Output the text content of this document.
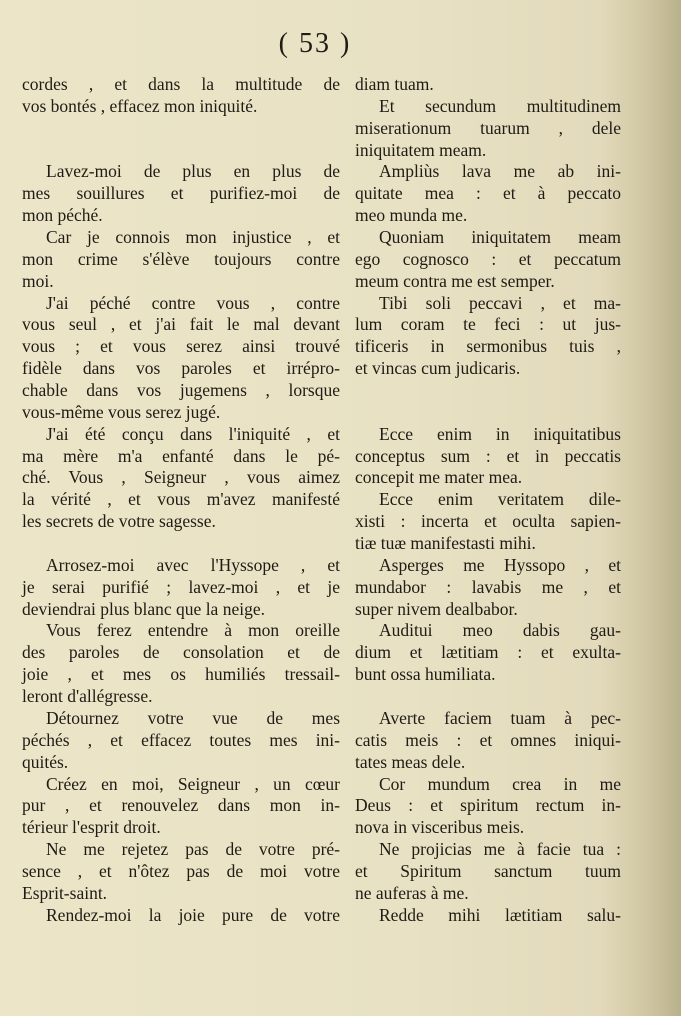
( 53 )
cordes , et dans la multitude de
vos bontés , effacez mon iniquité.
Lavez-moi de plus en plus de
mes souillures et purifiez-moi de
mon péché.
Car je connois mon injustice , et
mon crime s'élève toujours contre
moi.
J'ai péché contre vous , contre
vous seul , et j'ai fait le mal devant
vous ; et vous serez ainsi trouvé
fidèle dans vos paroles et irrépro-
chable dans vos jugemens , lorsque
vous-même vous serez jugé.
J'ai été conçu dans l'iniquité , et
ma mère m'a enfanté dans le pé-
ché. Vous , Seigneur , vous aimez
la vérité , et vous m'avez manifesté
les secrets de votre sagesse.
Arrosez-moi avec l'Hyssope , et
je serai purifié ; lavez-moi , et je
deviendrai plus blanc que la neige.
Vous ferez entendre à mon oreille
des paroles de consolation et de
joie , et mes os humiliés tressail-
leront d'allégresse.
Détournez votre vue de mes
péchés , et effacez toutes mes ini-
quités.
Créez en moi, Seigneur , un cœur
pur , et renouvelez dans mon in-
térieur l'esprit droit.
Ne me rejetez pas de votre pré-
sence , et n'ôtez pas de moi votre
Esprit-saint.
Rendez-moi la joie pure de votre
diam tuam.
Et secundum multitudinem
miserationum tuarum , dele
iniquitatem meam.
Ampliùs lava me ab ini-
quitate mea : et à peccato
meo munda me.
Quoniam iniquitatem meam
ego cognosco : et peccatum
meum contra me est semper.
Tibi soli peccavi , et ma-
lum coram te feci : ut jus-
tificeris in sermonibus tuis ,
et vincas cum judicaris.
Ecce enim in iniquitatibus
conceptus sum : et in peccatis
concepit me mater mea.
Ecce enim veritatem dile-
xisti : incerta et oculta sapien-
tiæ tuæ manifestasti mihi.
Asperges me Hyssopo , et
mundabor : lavabis me , et
super nivem dealbabor.
Auditui meo dabis gau-
dium et lætitiam : et exulta-
bunt ossa humiliata.
Averte faciem tuam à pec-
catis meis : et omnes iniqui-
tates meas dele.
Cor mundum crea in me
Deus : et spiritum rectum in-
nova in visceribus meis.
Ne projicias me à facie tua :
et Spiritum sanctum tuum
ne auferas à me.
Redde mihi lætitiam salu-
